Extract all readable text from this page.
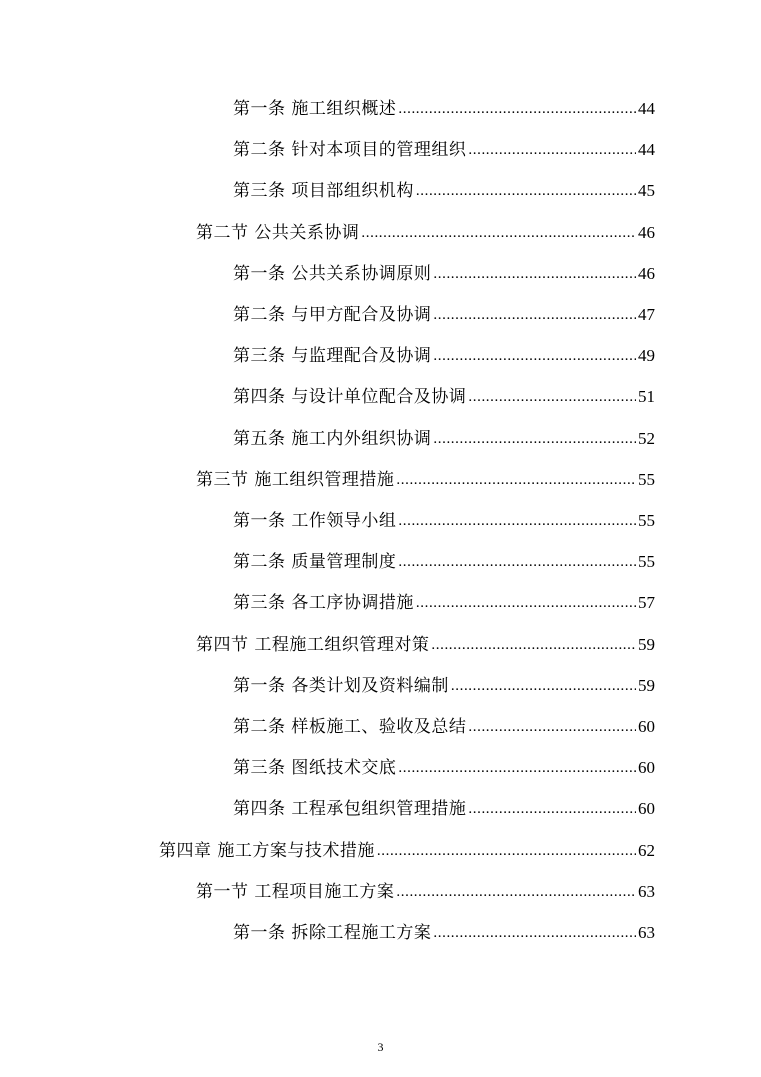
第一条 施工组织概述 .....	44
第二条 针对本项目的管理组织 .....	44
第三条 项目部组织机构 .....	45
第二节 公共关系协调 .....	46
第一条 公共关系协调原则 .....	46
第二条 与甲方配合及协调 .....	47
第三条 与监理配合及协调 .....	49
第四条 与设计单位配合及协调 .....	51
第五条 施工内外组织协调 .....	52
第三节 施工组织管理措施 .....	55
第一条 工作领导小组 .....	55
第二条 质量管理制度 .....	55
第三条 各工序协调措施 .....	57
第四节 工程施工组织管理对策 .....	59
第一条 各类计划及资料编制 .....	59
第二条 样板施工、验收及总结 .....	60
第三条 图纸技术交底 .....	60
第四条 工程承包组织管理措施 .....	60
第四章 施工方案与技术措施 .....	62
第一节 工程项目施工方案 .....	63
第一条 拆除工程施工方案 .....	63
3
